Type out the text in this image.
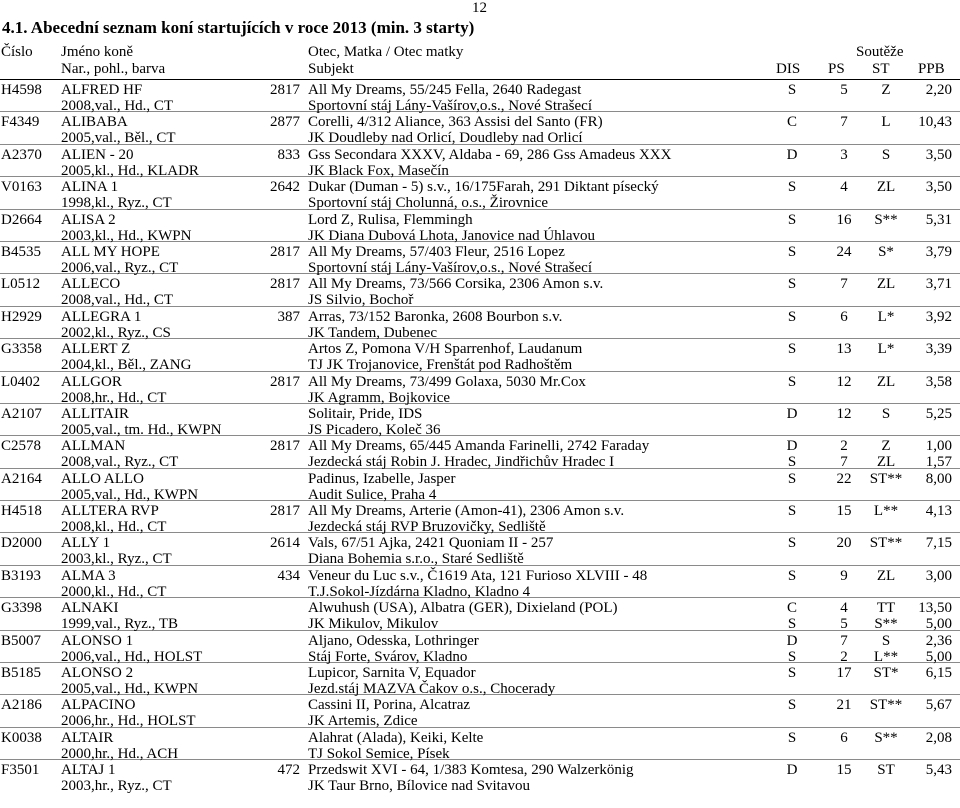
12
4.1. Abecední seznam koní startujících v roce 2013 (min. 3 starty)
Číslo Jméno koně
Nar., pohl., barva
Otec, Matka / Otec matky
Subjekt
Soutěže
DIS PS ST PPB
H4598 ALFRED HF
2008,val., Hd., CT
2817 All My Dreams, 55/245 Fella, 2640 Radegast
Sportovní stáj Lány-Vašírov,o.s., Nové Strašecí
S	5	Z	2,20
F4349 ALIBABA
2005,val., Běl., CT
2877 Corelli, 4/312 Aliance, 363 Assisi del Santo (FR)
JK Doudleby nad Orlicí, Doudleby nad Orlicí
C	7	L	10,43
A2370 ALIEN - 20
2005,kl., Hd., KLADR
833 Gss Secondara XXXV, Aldaba - 69, 286 Gss Amadeus XXX
JK Black Fox, Masečín
D	3	S	3,50
V0163 ALINA 1
1998,kl., Ryz., CT
2642 Dukar (Duman - 5) s.v., 16/175Farah, 291 Diktant písecký
Sportovní stáj Cholunná, o.s., Žirovnice
S	4	ZL	3,50
D2664 ALISA 2
2003,kl., Hd., KWPN
Lord Z, Rulisa, Flemmingh
JK Diana Dubová Lhota, Janovice nad Úhlavou
S	16	S**	5,31
B4535 ALL MY HOPE
2006,val., Ryz., CT
2817 All My Dreams, 57/403 Fleur, 2516 Lopez
Sportovní stáj Lány-Vašírov,o.s., Nové Strašecí
S	24	S*	3,79
L0512 ALLECO
2008,val., Hd., CT
2817 All My Dreams, 73/566 Corsika, 2306 Amon s.v.
JS Silvio, Bochoř
S	7	ZL	3,71
H2929 ALLEGRA 1
2002,kl., Ryz., CS
387 Arras, 73/152 Baronka, 2608 Bourbon s.v.
JK Tandem, Dubenec
S	6	L*	3,92
G3358 ALLERT Z
2004,kl., Běl., ZANG
Artos Z, Pomona V/H Sparrenhof, Laudanum
TJ JK Trojanovice, Frenštát pod Radhoštěm
S	13	L*	3,39
L0402 ALLGOR
2008,hr., Hd., CT
2817 All My Dreams, 73/499 Golaxa, 5030 Mr.Cox
JK Agramm, Bojkovice
S	12	ZL	3,58
A2107 ALLITAIR
2005,val., tm. Hd., KWPN
Solitair, Pride, IDS
JS Picadero, Koleč 36
D	12	S	5,25
C2578 ALLMAN
2008,val., Ryz., CT
2817 All My Dreams, 65/445 Amanda Farinelli, 2742 Faraday
Jezdecká stáj Robin J. Hradec, Jindřichův Hradec I
D	2	Z	1,00
S	7	ZL	1,57
A2164 ALLO ALLO
2005,val., Hd., KWPN
Padinus, Izabelle, Jasper
Audit Sulice, Praha 4
S	22	ST**	8,00
H4518 ALLTERA RVP
2008,kl., Hd., CT
2817 All My Dreams, Arterie (Amon-41), 2306 Amon s.v.
Jezdecká stáj RVP Bruzovičky, Sedliště
S	15	L**	4,13
D2000 ALLY 1
2003,kl., Ryz., CT
2614 Vals, 67/51 Ajka, 2421 Quoniam II - 257
Diana Bohemia s.r.o., Staré Sedliště
S	20	ST**	7,15
B3193 ALMA 3
2000,kl., Hd., CT
434 Veneur du Luc s.v., Č1619 Ata, 121 Furioso XLVIII - 48
T.J.Sokol-Jízdárna Kladno, Kladno 4
S	9	ZL	3,00
G3398 ALNAKI
1999,val., Ryz., TB
Alwuhush (USA), Albatra (GER), Dixieland (POL)
JK Mikulov, Mikulov
C	4	TT	13,50
S	5	S**	5,00
B5007 ALONSO 1
2006,val., Hd., HOLST
Aljano, Odesska, Lothringer
Stáj Forte, Svárov, Kladno
D	7	S	2,36
S	2	L**	5,00
B5185 ALONSO 2
2005,val., Hd., KWPN
Lupicor, Sarnita V, Equador
Jezd.stáj MAZVA Čakov o.s., Chocerady
S	17	ST*	6,15
A2186 ALPACINO
2006,hr., Hd., HOLST
Cassini II, Porina, Alcatraz
JK Artemis, Zdice
S	21	ST**	5,67
K0038 ALTAIR
2000,hr., Hd., ACH
Alahrat (Alada), Keiki, Kelte
TJ Sokol Semice, Písek
S	6	S**	2,08
F3501 ALTAJ 1
2003,hr., Ryz., CT
472 Przedswit XVI - 64, 1/383 Komtesa, 290 Walzerkönig
JK Taur Brno, Bílovice nad Svitavou
D	15	ST	5,43
